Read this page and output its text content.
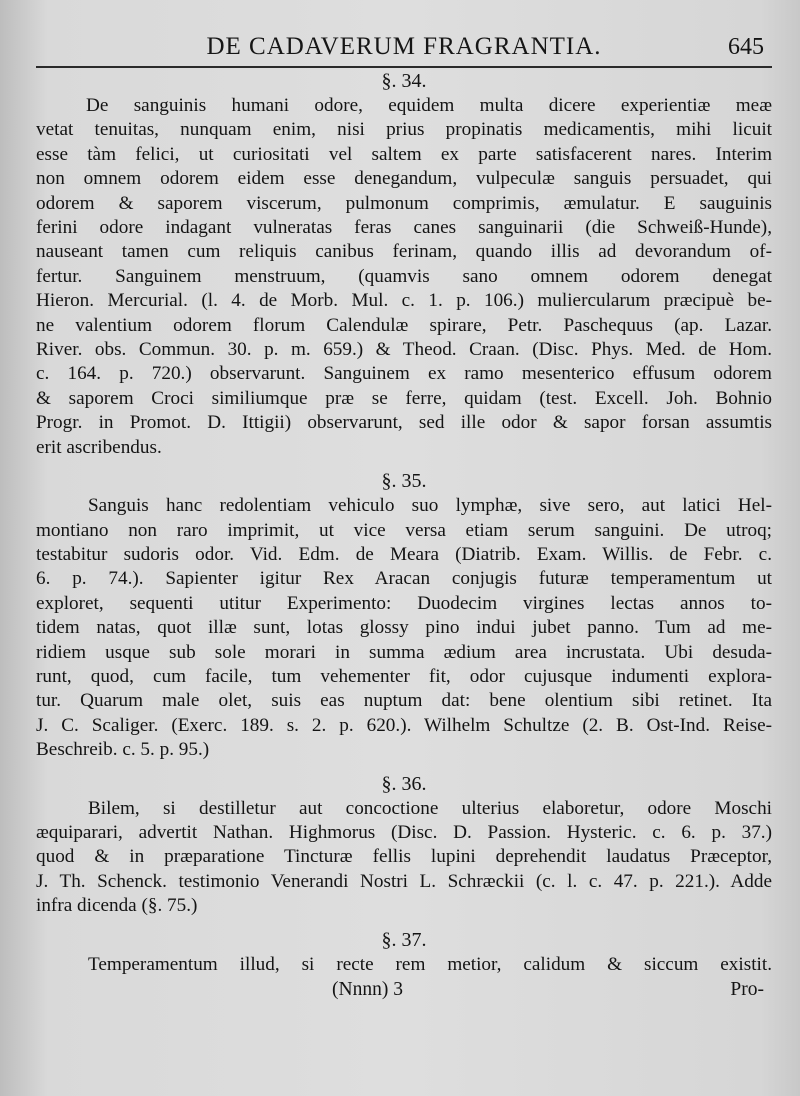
DE CADAVERUM FRAGRANTIA.	645

§. 34.

De sanguinis humani odore, equidem multa dicere experientiæ meæ
vetat tenuitas, nunquam enim, nisi prius propinatis medicamentis, mihi licuit
esse tàm felici, ut curiositati vel saltem ex parte satisfacerent nares. Interim
non omnem odorem eidem esse denegandum, vulpeculæ sanguis persuadet, qui
odorem & saporem viscerum, pulmonum comprimis, æmulatur. E sauguinis
ferini odore indagant vulneratas feras canes sanguinarii (die Schweiß-Hunde),
nauseant tamen cum reliquis canibus ferinam, quando illis ad devorandum of-
fertur. Sanguinem menstruum, (quamvis sano omnem odorem denegat
Hieron. Mercurial. (l. 4. de Morb. Mul. c. 1. p. 106.) muliercularum præcipuè be-
ne valentium odorem florum Calendulæ spirare, Petr. Paschequus (ap. Lazar.
River. obs. Commun. 30. p. m. 659.) & Theod. Craan. (Disc. Phys. Med. de Hom.
c. 164. p. 720.) observarunt. Sanguinem ex ramo mesenterico effusum odorem
& saporem Croci similiumque præ se ferre, quidam (test. Excell. Joh. Bohnio
Progr. in Promot. D. Ittigii) observarunt, sed ille odor & sapor forsan assumtis
erit ascribendus.

§. 35.

Sanguis hanc redolentiam vehiculo suo lymphæ, sive sero, aut latici Hel-
montiano non raro imprimit, ut vice versa etiam serum sanguini. De utroq;
testabitur sudoris odor. Vid. Edm. de Meara (Diatrib. Exam. Willis. de Febr. c.
6. p. 74.). Sapienter igitur Rex Aracan conjugis futuræ temperamentum ut
exploret, sequenti utitur Experimento: Duodecim virgines lectas annos to-
tidem natas, quot illæ sunt, lotas glossy pino indui jubet panno. Tum ad me-
ridiem usque sub sole morari in summa ædium area incrustata. Ubi desuda-
runt, quod, cum facile, tum vehementer fit, odor cujusque indumenti explora-
tur. Quarum male olet, suis eas nuptum dat: bene olentium sibi retinet. Ita
J. C. Scaliger. (Exerc. 189. s. 2. p. 620.). Wilhelm Schultze (2. B. Ost-Ind. Reise-
Beschreib. c. 5. p. 95.)

§. 36.

Bilem, si destilletur aut concoctione ulterius elaboretur, odore Moschi
æquiparari, advertit Nathan. Highmorus (Disc. D. Passion. Hysteric. c. 6. p. 37.)
quod & in præparatione Tincturæ fellis lupini deprehendit laudatus Præceptor,
J. Th. Schenck. testimonio Venerandi Nostri L. Schræckii (c. l. c. 47. p. 221.). Adde
infra dicenda (§. 75.)

§. 37.

Temperamentum illud, si recte rem metior, calidum & siccum existit.
(Nnnn) 3	Pro-
